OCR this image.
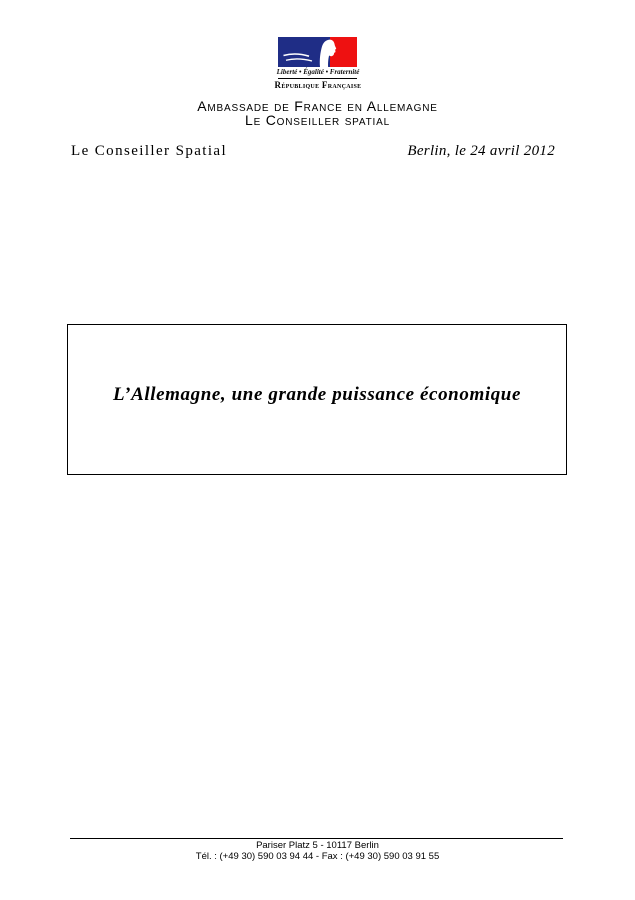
Liberté • Égalité • Fraternité
République Française
Ambassade de France en Allemagne
Le Conseiller spatial
Le Conseiller Spatial	Berlin, le 24 avril 2012
L’Allemagne, une grande puissance économique
Pariser Platz 5 - 10117 Berlin
Tél. : (+49 30) 590 03 94 44 - Fax : (+49 30) 590 03 91 55
